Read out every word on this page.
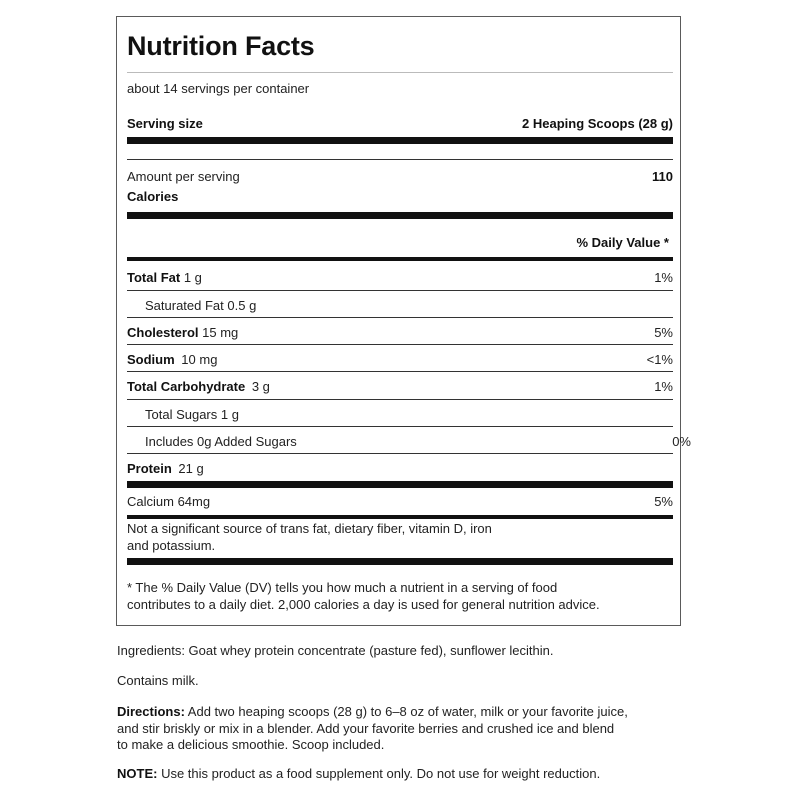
Nutrition Facts
about 14 servings per container
Serving size	2 Heaping Scoops (28 g)
Amount per serving	110
Calories
% Daily Value *
Total Fat 1 g	1%
Saturated Fat 0.5 g
Cholesterol 15 mg	5%
Sodium 10 mg	<1%
Total Carbohydrate 3 g	1%
Total Sugars 1 g
Includes 0g Added Sugars	0%
Protein 21 g
Calcium 64mg	5%
Not a significant source of trans fat, dietary fiber, vitamin D, iron
and potassium.
* The % Daily Value (DV) tells you how much a nutrient in a serving of food
contributes to a daily diet. 2,000 calories a day is used for general nutrition advice.
Ingredients: Goat whey protein concentrate (pasture fed), sunflower lecithin.
Contains milk.
Directions: Add two heaping scoops (28 g) to 6–8 oz of water, milk or your favorite juice,
and stir briskly or mix in a blender. Add your favorite berries and crushed ice and blend
to make a delicious smoothie. Scoop included.
NOTE: Use this product as a food supplement only. Do not use for weight reduction.
